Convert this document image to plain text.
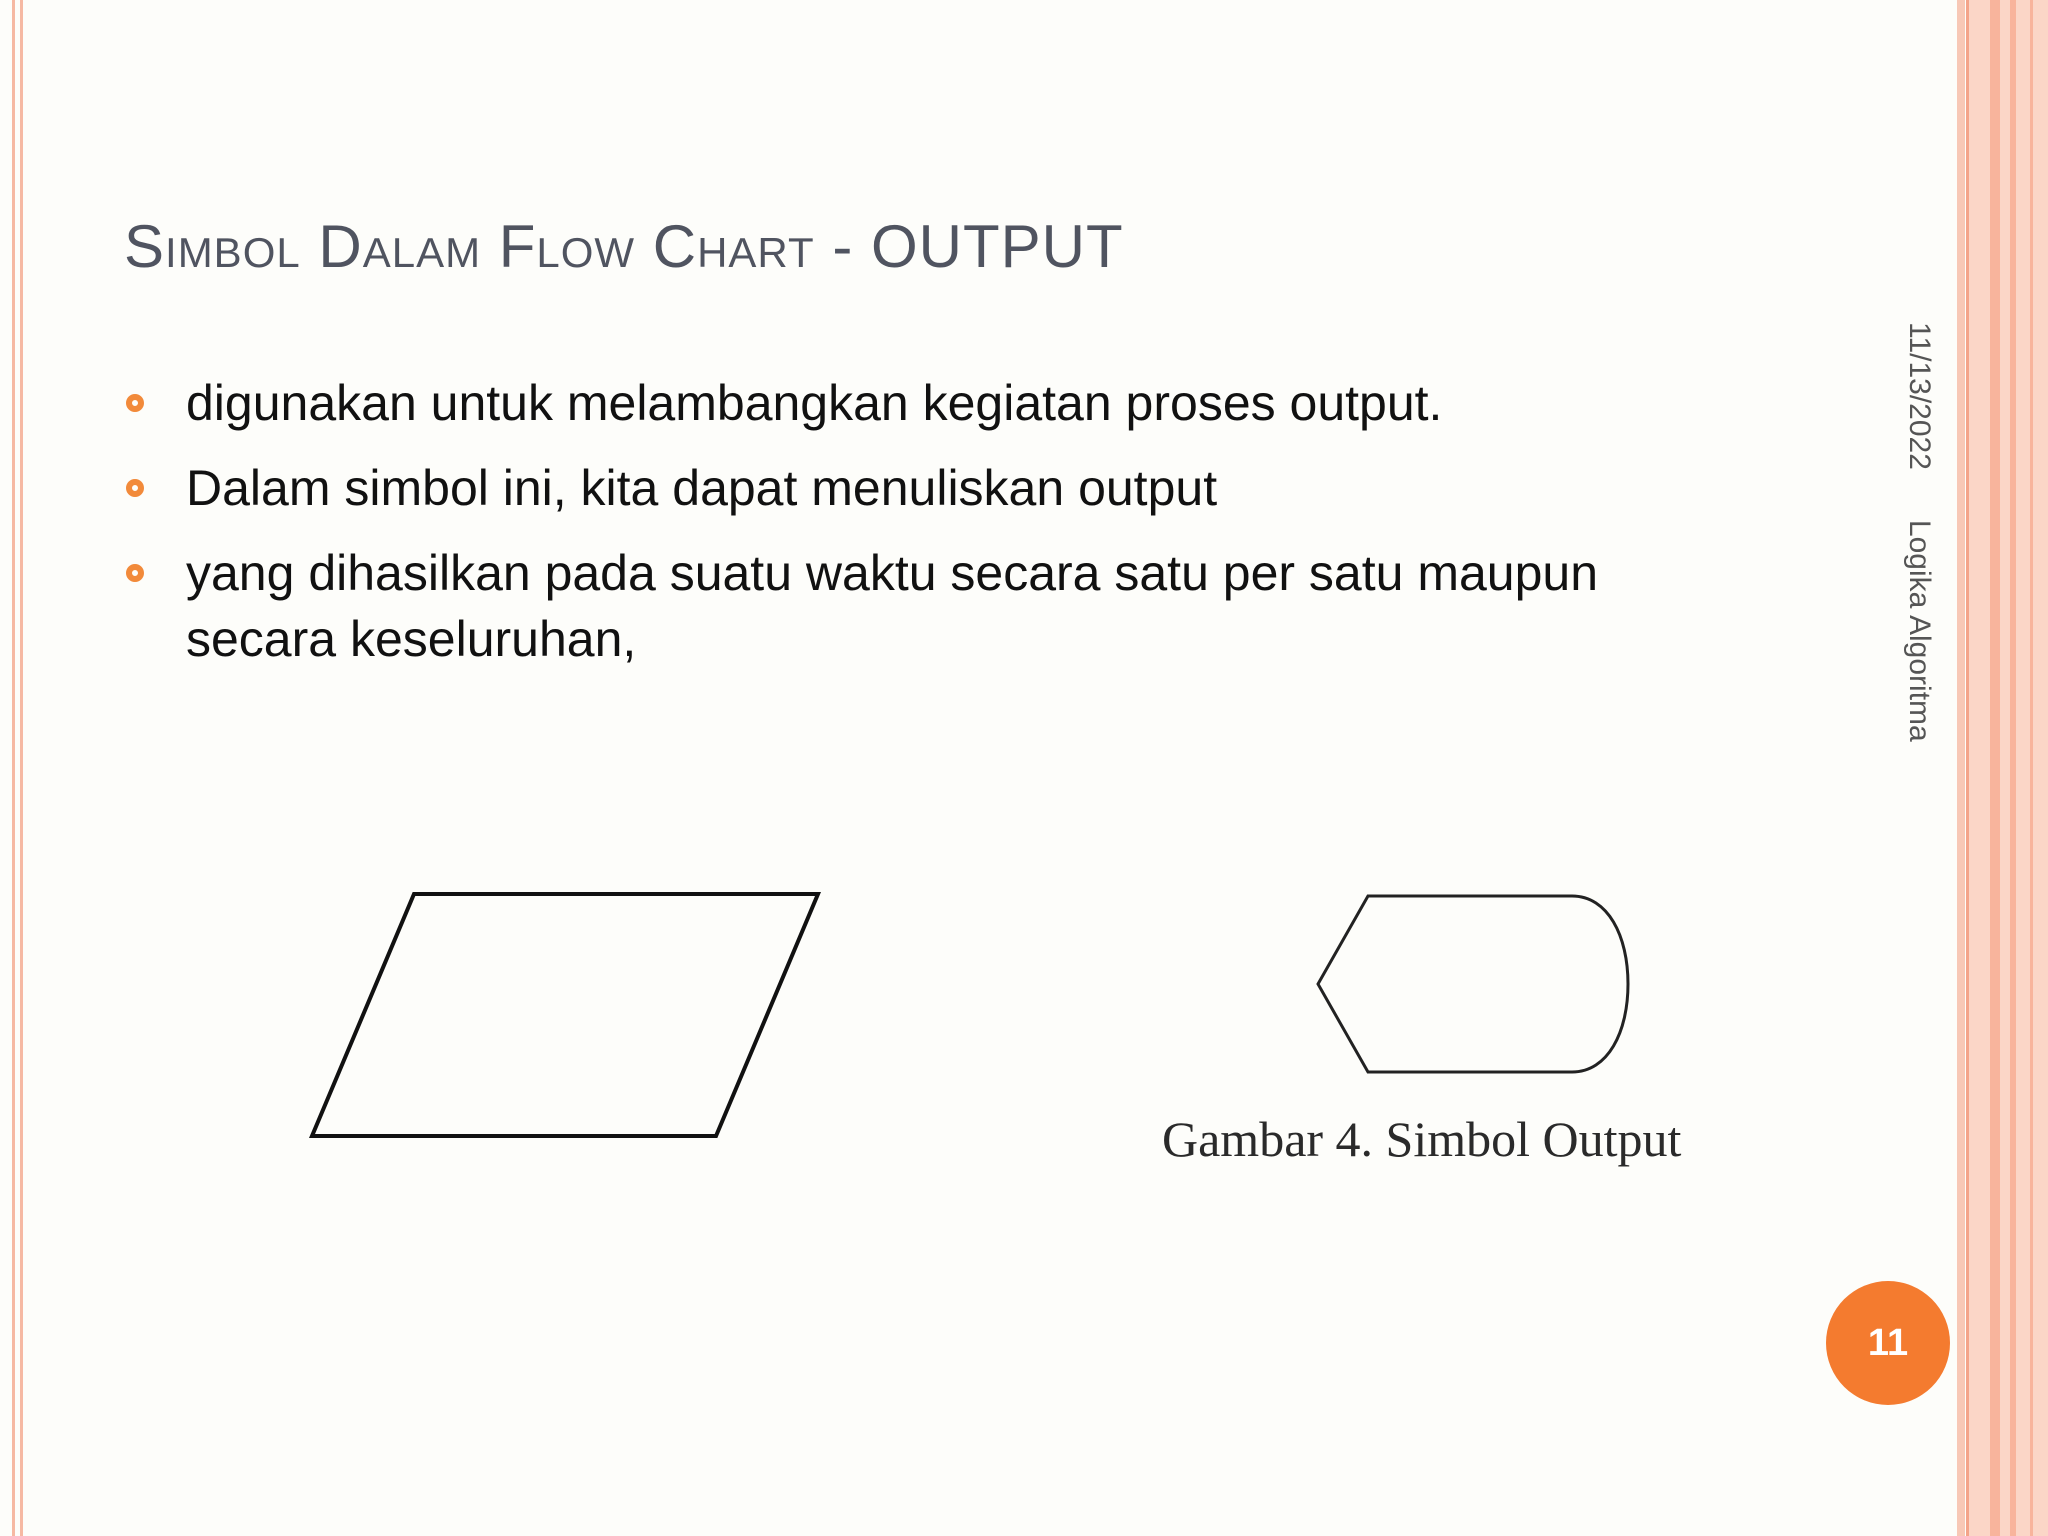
Simbol Dalam Flow Chart - OUTPUT
digunakan untuk melambangkan kegiatan proses output.
Dalam simbol ini, kita dapat menuliskan output
yang dihasilkan pada suatu waktu secara satu per satu maupun secara keseluruhan,
11/13/2022Logika Algoritma
Gambar 4. Simbol Output
11
